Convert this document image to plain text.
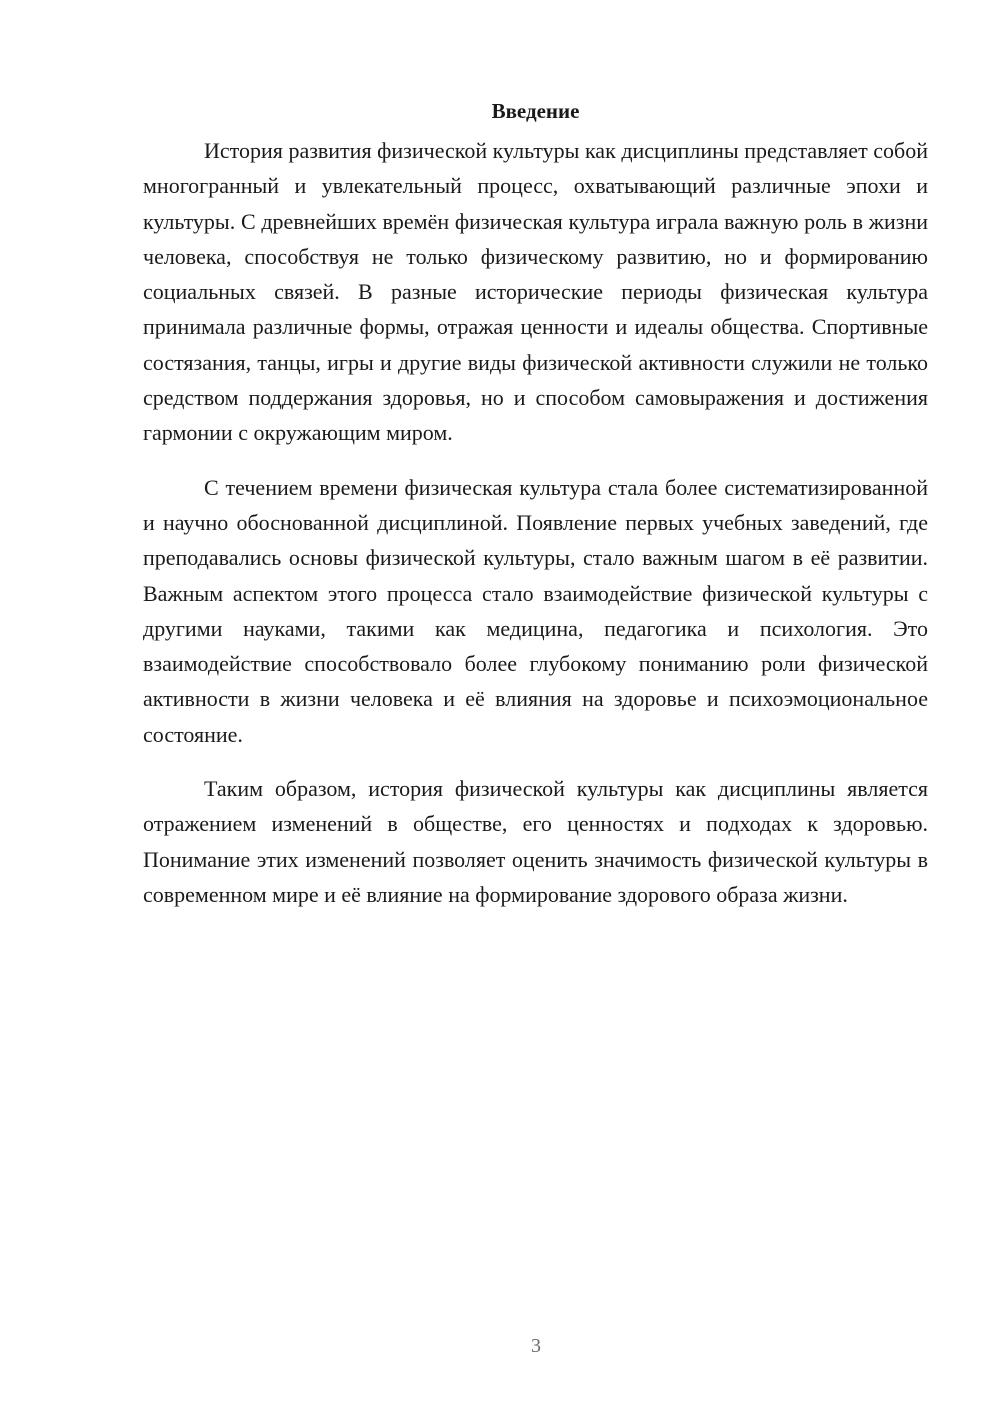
Введение

История развития физической культуры как дисциплины представляет собой многогранный и увлекательный процесс, охватывающий различные эпохи и культуры. С древнейших времён физическая культура играла важную роль в жизни человека, способствуя не только физическому развитию, но и формированию социальных связей. В разные исторические периоды физическая культура принимала различные формы, отражая ценности и идеалы общества. Спортивные состязания, танцы, игры и другие виды физической активности служили не только средством поддержания здоровья, но и способом самовыражения и достижения гармонии с окружающим миром.

С течением времени физическая культура стала более систематизированной и научно обоснованной дисциплиной. Появление первых учебных заведений, где преподавались основы физической культуры, стало важным шагом в её развитии. Важным аспектом этого процесса стало взаимодействие физической культуры с другими науками, такими как медицина, педагогика и психология. Это взаимодействие способствовало более глубокому пониманию роли физической активности в жизни человека и её влияния на здоровье и психоэмоциональное состояние.

Таким образом, история физической культуры как дисциплины является отражением изменений в обществе, его ценностях и подходах к здоровью. Понимание этих изменений позволяет оценить значимость физической культуры в современном мире и её влияние на формирование здорового образа жизни.

3
